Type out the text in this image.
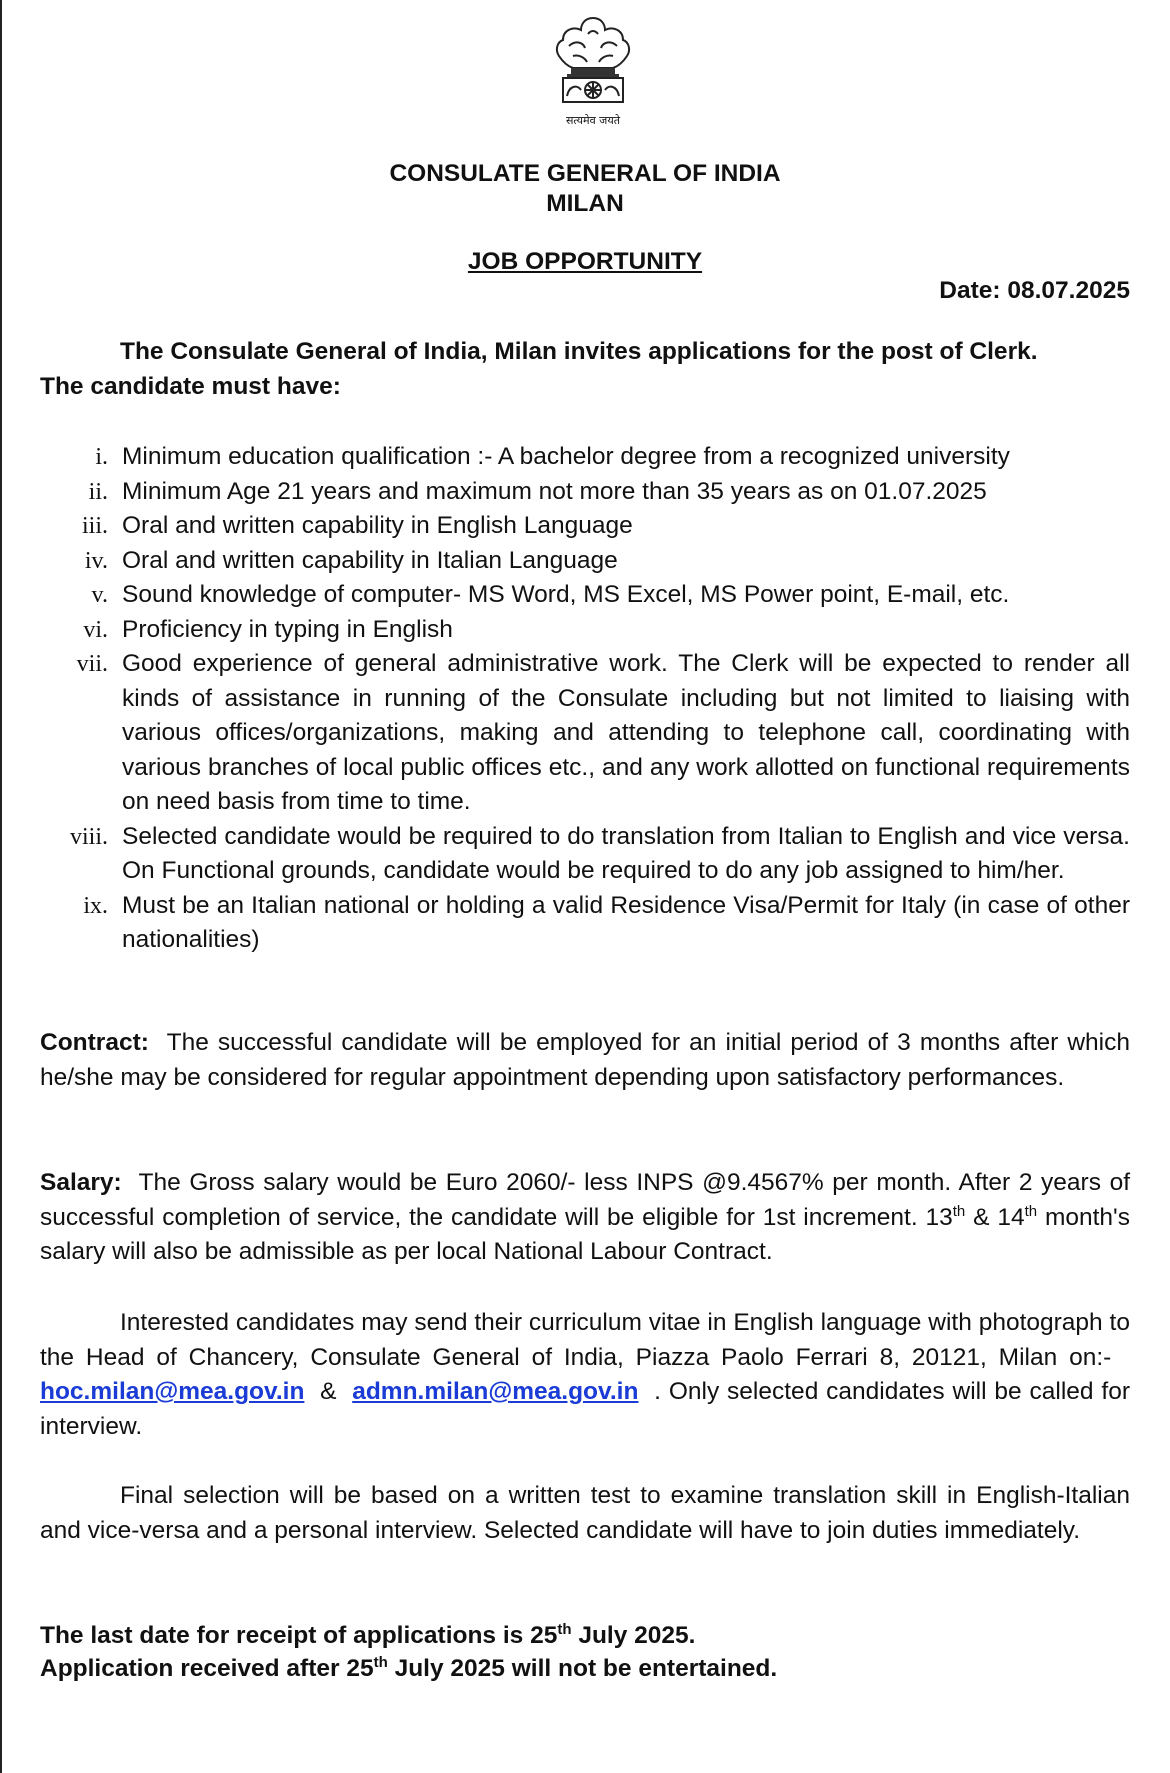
सत्यमेव जयते
CONSULATE GENERAL OF INDIA
MILAN
JOB OPPORTUNITY
Date: 08.07.2025
The Consulate General of India, Milan invites applications for the post of Clerk.
The candidate must have:
i. Minimum education qualification :- A bachelor degree from a recognized university
ii. Minimum Age 21 years and maximum not more than 35 years as on 01.07.2025
iii. Oral and written capability in English Language
iv. Oral and written capability in Italian Language
v. Sound knowledge of computer- MS Word, MS Excel, MS Power point, E-mail, etc.
vi. Proficiency in typing in English
vii. Good experience of general administrative work. The Clerk will be expected to render all kinds of assistance in running of the Consulate including but not limited to liaising with various offices/organizations, making and attending to telephone call, coordinating with various branches of local public offices etc., and any work allotted on functional requirements on need basis from time to time.
viii. Selected candidate would be required to do translation from Italian to English and vice versa. On Functional grounds, candidate would be required to do any job assigned to him/her.
ix. Must be an Italian national or holding a valid Residence Visa/Permit for Italy (in case of other nationalities)
Contract: The successful candidate will be employed for an initial period of 3 months after which he/she may be considered for regular appointment depending upon satisfactory performances.
Salary: The Gross salary would be Euro 2060/- less INPS @9.4567% per month. After 2 years of successful completion of service, the candidate will be eligible for 1st increment. 13th & 14th month's salary will also be admissible as per local National Labour Contract.
Interested candidates may send their curriculum vitae in English language with photograph to the Head of Chancery, Consulate General of India, Piazza Paolo Ferrari 8, 20121, Milan on:-   hoc.milan@mea.gov.in & admn.milan@mea.gov.in . Only selected candidates will be called for interview.
Final selection will be based on a written test to examine translation skill in English-Italian and vice-versa and a personal interview. Selected candidate will have to join duties immediately.
The last date for receipt of applications is 25th July 2025.
Application received after 25th July 2025 will not be entertained.
